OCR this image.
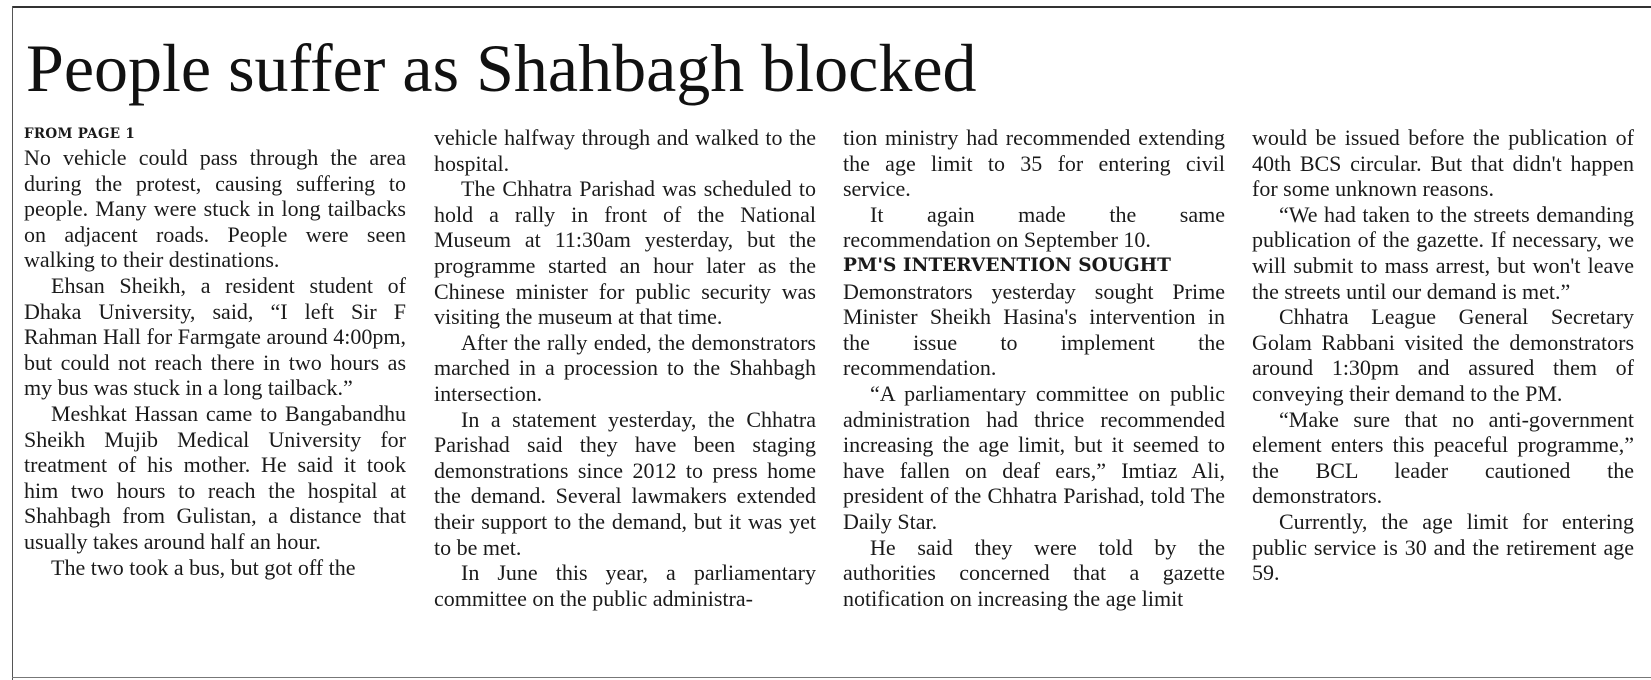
People suffer as Shahbagh blocked
FROM PAGE 1

No vehicle could pass through the area during the protest, causing suffering to people. Many were stuck in long tailbacks on adjacent roads. People were seen walking to their destinations.

Ehsan Sheikh, a resident student of Dhaka University, said, “I left Sir F Rahman Hall for Farmgate around 4:00pm, but could not reach there in two hours as my bus was stuck in a long tailback.”

Meshkat Hassan came to Bangabandhu Sheikh Mujib Medical University for treatment of his mother. He said it took him two hours to reach the hospital at Shahbagh from Gulistan, a distance that usually takes around half an hour.

The two took a bus, but got off the

vehicle halfway through and walked to the hospital.

The Chhatra Parishad was scheduled to hold a rally in front of the National Museum at 11:30am yesterday, but the programme started an hour later as the Chinese minister for public security was visiting the museum at that time.

After the rally ended, the demonstrators marched in a procession to the Shahbagh intersection.

In a statement yesterday, the Chhatra Parishad said they have been staging demonstrations since 2012 to press home the demand. Several lawmakers extended their support to the demand, but it was yet to be met.

In June this year, a parliamentary committee on the public administra-

tion ministry had recommended extending the age limit to 35 for entering civil service.

It again made the same recommendation on September 10.

PM'S INTERVENTION SOUGHT

Demonstrators yesterday sought Prime Minister Sheikh Hasina's intervention in the issue to implement the recommendation.

“A parliamentary committee on public administration had thrice recommended increasing the age limit, but it seemed to have fallen on deaf ears,” Imtiaz Ali, president of the Chhatra Parishad, told The Daily Star.

He said they were told by the authorities concerned that a gazette notification on increasing the age limit

would be issued before the publication of 40th BCS circular. But that didn't happen for some unknown reasons.

“We had taken to the streets demanding publication of the gazette. If necessary, we will submit to mass arrest, but won't leave the streets until our demand is met.”

Chhatra League General Secretary Golam Rabbani visited the demonstrators around 1:30pm and assured them of conveying their demand to the PM.

“Make sure that no anti-government element enters this peaceful programme,” the BCL leader cautioned the demonstrators.

Currently, the age limit for entering public service is 30 and the retirement age 59.
